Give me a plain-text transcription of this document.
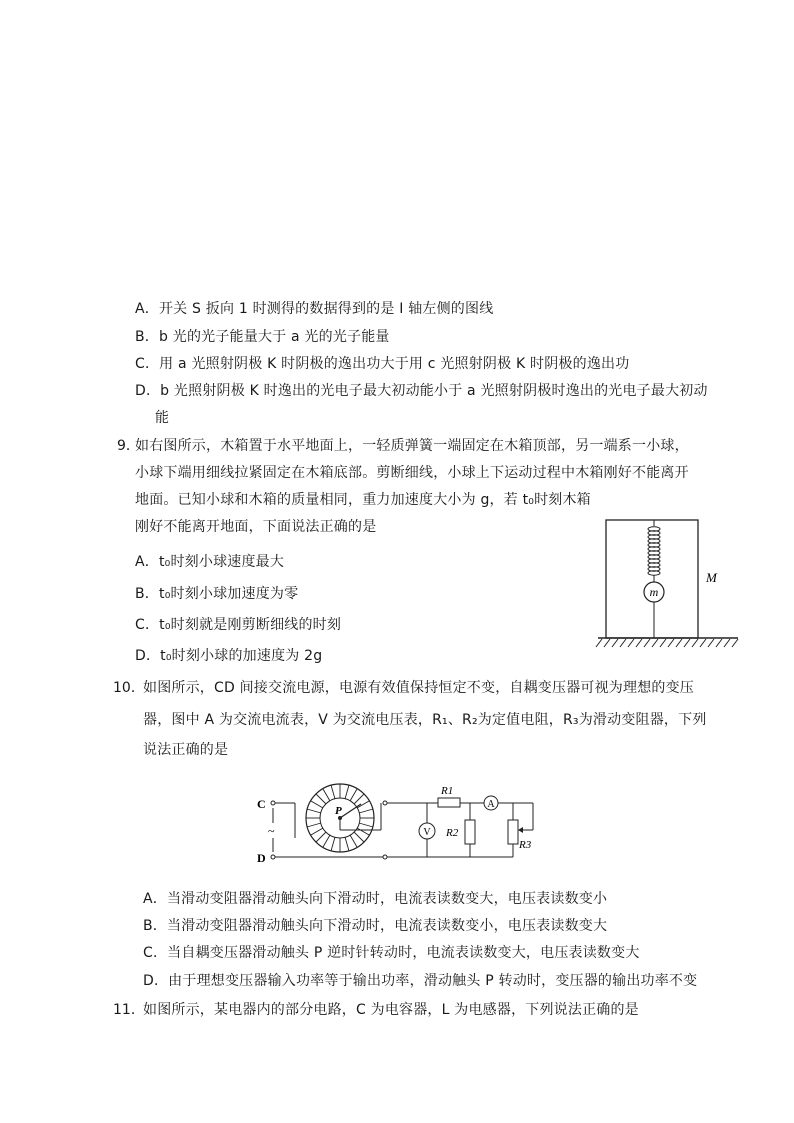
A．开关 S 扳向 1 时测得的数据得到的是 I 轴左侧的图线
B．b 光的光子能量大于 a 光的光子能量
C．用 a 光照射阴极 K 时阴极的逸出功大于用 c 光照射阴极 K 时阴极的逸出功
D．b 光照射阴极 K 时逸出的光电子最大初动能小于 a 光照射阴极时逸出的光电子最大初动
能
9．
如右图所示，木箱置于水平地面上，一轻质弹簧一端固定在木箱顶部，另一端系一小球，
小球下端用细线拉紧固定在木箱底部。剪断细线，小球上下运动过程中木箱刚好不能离开
地面。已知小球和木箱的质量相同，重力加速度大小为 g，若 t₀时刻木箱
刚好不能离开地面，下面说法正确的是
A．t₀时刻小球速度最大
B．t₀时刻小球加速度为零
C．t₀时刻就是刚剪断细线的时刻
D．t₀时刻小球的加速度为 2g
m
M
10．
如图所示，CD 间接交流电源，电源有效值保持恒定不变，自耦变压器可视为理想的变压
器，图中 A 为交流电流表，V 为交流电压表，R₁、R₂为定值电阻，R₃为滑动变阻器，下列
说法正确的是
C
D
~
P
R1
A
V R2
R3
A．当滑动变阻器滑动触头向下滑动时，电流表读数变大，电压表读数变小
B．当滑动变阻器滑动触头向下滑动时，电流表读数变小，电压表读数变大
C．当自耦变压器滑动触头 P 逆时针转动时，电流表读数变大，电压表读数变大
D．由于理想变压器输入功率等于输出功率，滑动触头 P 转动时，变压器的输出功率不变
11．
如图所示，某电器内的部分电路，C 为电容器，L 为电感器，下列说法正确的是
